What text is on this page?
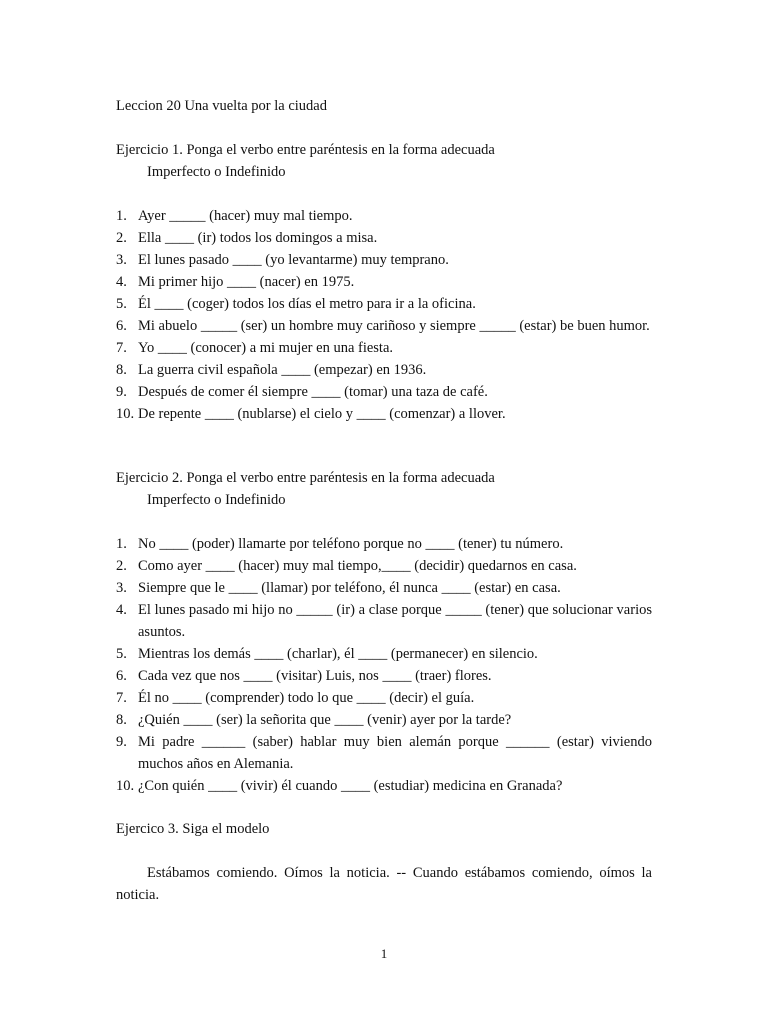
Leccion 20 Una vuelta por la ciudad
Ejercicio 1. Ponga el verbo entre paréntesis en la forma adecuada
Imperfecto o Indefinido
1. Ayer _____ (hacer) muy mal tiempo.
2. Ella ____ (ir) todos los domingos a misa.
3. El lunes pasado ____ (yo levantarme) muy temprano.
4. Mi primer hijo ____ (nacer) en 1975.
5. Él ____ (coger) todos los días el metro para ir a la oficina.
6. Mi abuelo _____ (ser) un hombre muy cariñoso y siempre _____ (estar) be buen humor.
7. Yo ____ (conocer) a mi mujer en una fiesta.
8. La guerra civil española ____ (empezar) en 1936.
9. Después de comer él siempre ____ (tomar) una taza de café.
10. De repente ____ (nublarse) el cielo y ____ (comenzar) a llover.
Ejercicio 2. Ponga el verbo entre paréntesis en la forma adecuada
Imperfecto o Indefinido
1. No ____ (poder) llamarte por teléfono porque no ____ (tener) tu número.
2. Como ayer ____ (hacer) muy mal tiempo,____ (decidir) quedarnos en casa.
3. Siempre que le ____ (llamar) por teléfono, él nunca ____ (estar) en casa.
4. El lunes pasado mi hijo no _____ (ir) a clase porque _____ (tener) que solucionar varios asuntos.
5. Mientras los demás ____ (charlar), él ____ (permanecer) en silencio.
6. Cada vez que nos ____ (visitar) Luis, nos ____ (traer) flores.
7. Él no ____ (comprender) todo lo que ____ (decir) el guía.
8. ¿Quién ____ (ser) la señorita que ____ (venir) ayer por la tarde?
9. Mi padre ______ (saber) hablar muy bien alemán porque ______ (estar) viviendo muchos años en Alemania.
10. ¿Con quién ____ (vivir) él cuando ____ (estudiar) medicina en Granada?
Ejercico 3. Siga el modelo

Estábamos comiendo. Oímos la noticia. -- Cuando estábamos comiendo, oímos la noticia.

1
